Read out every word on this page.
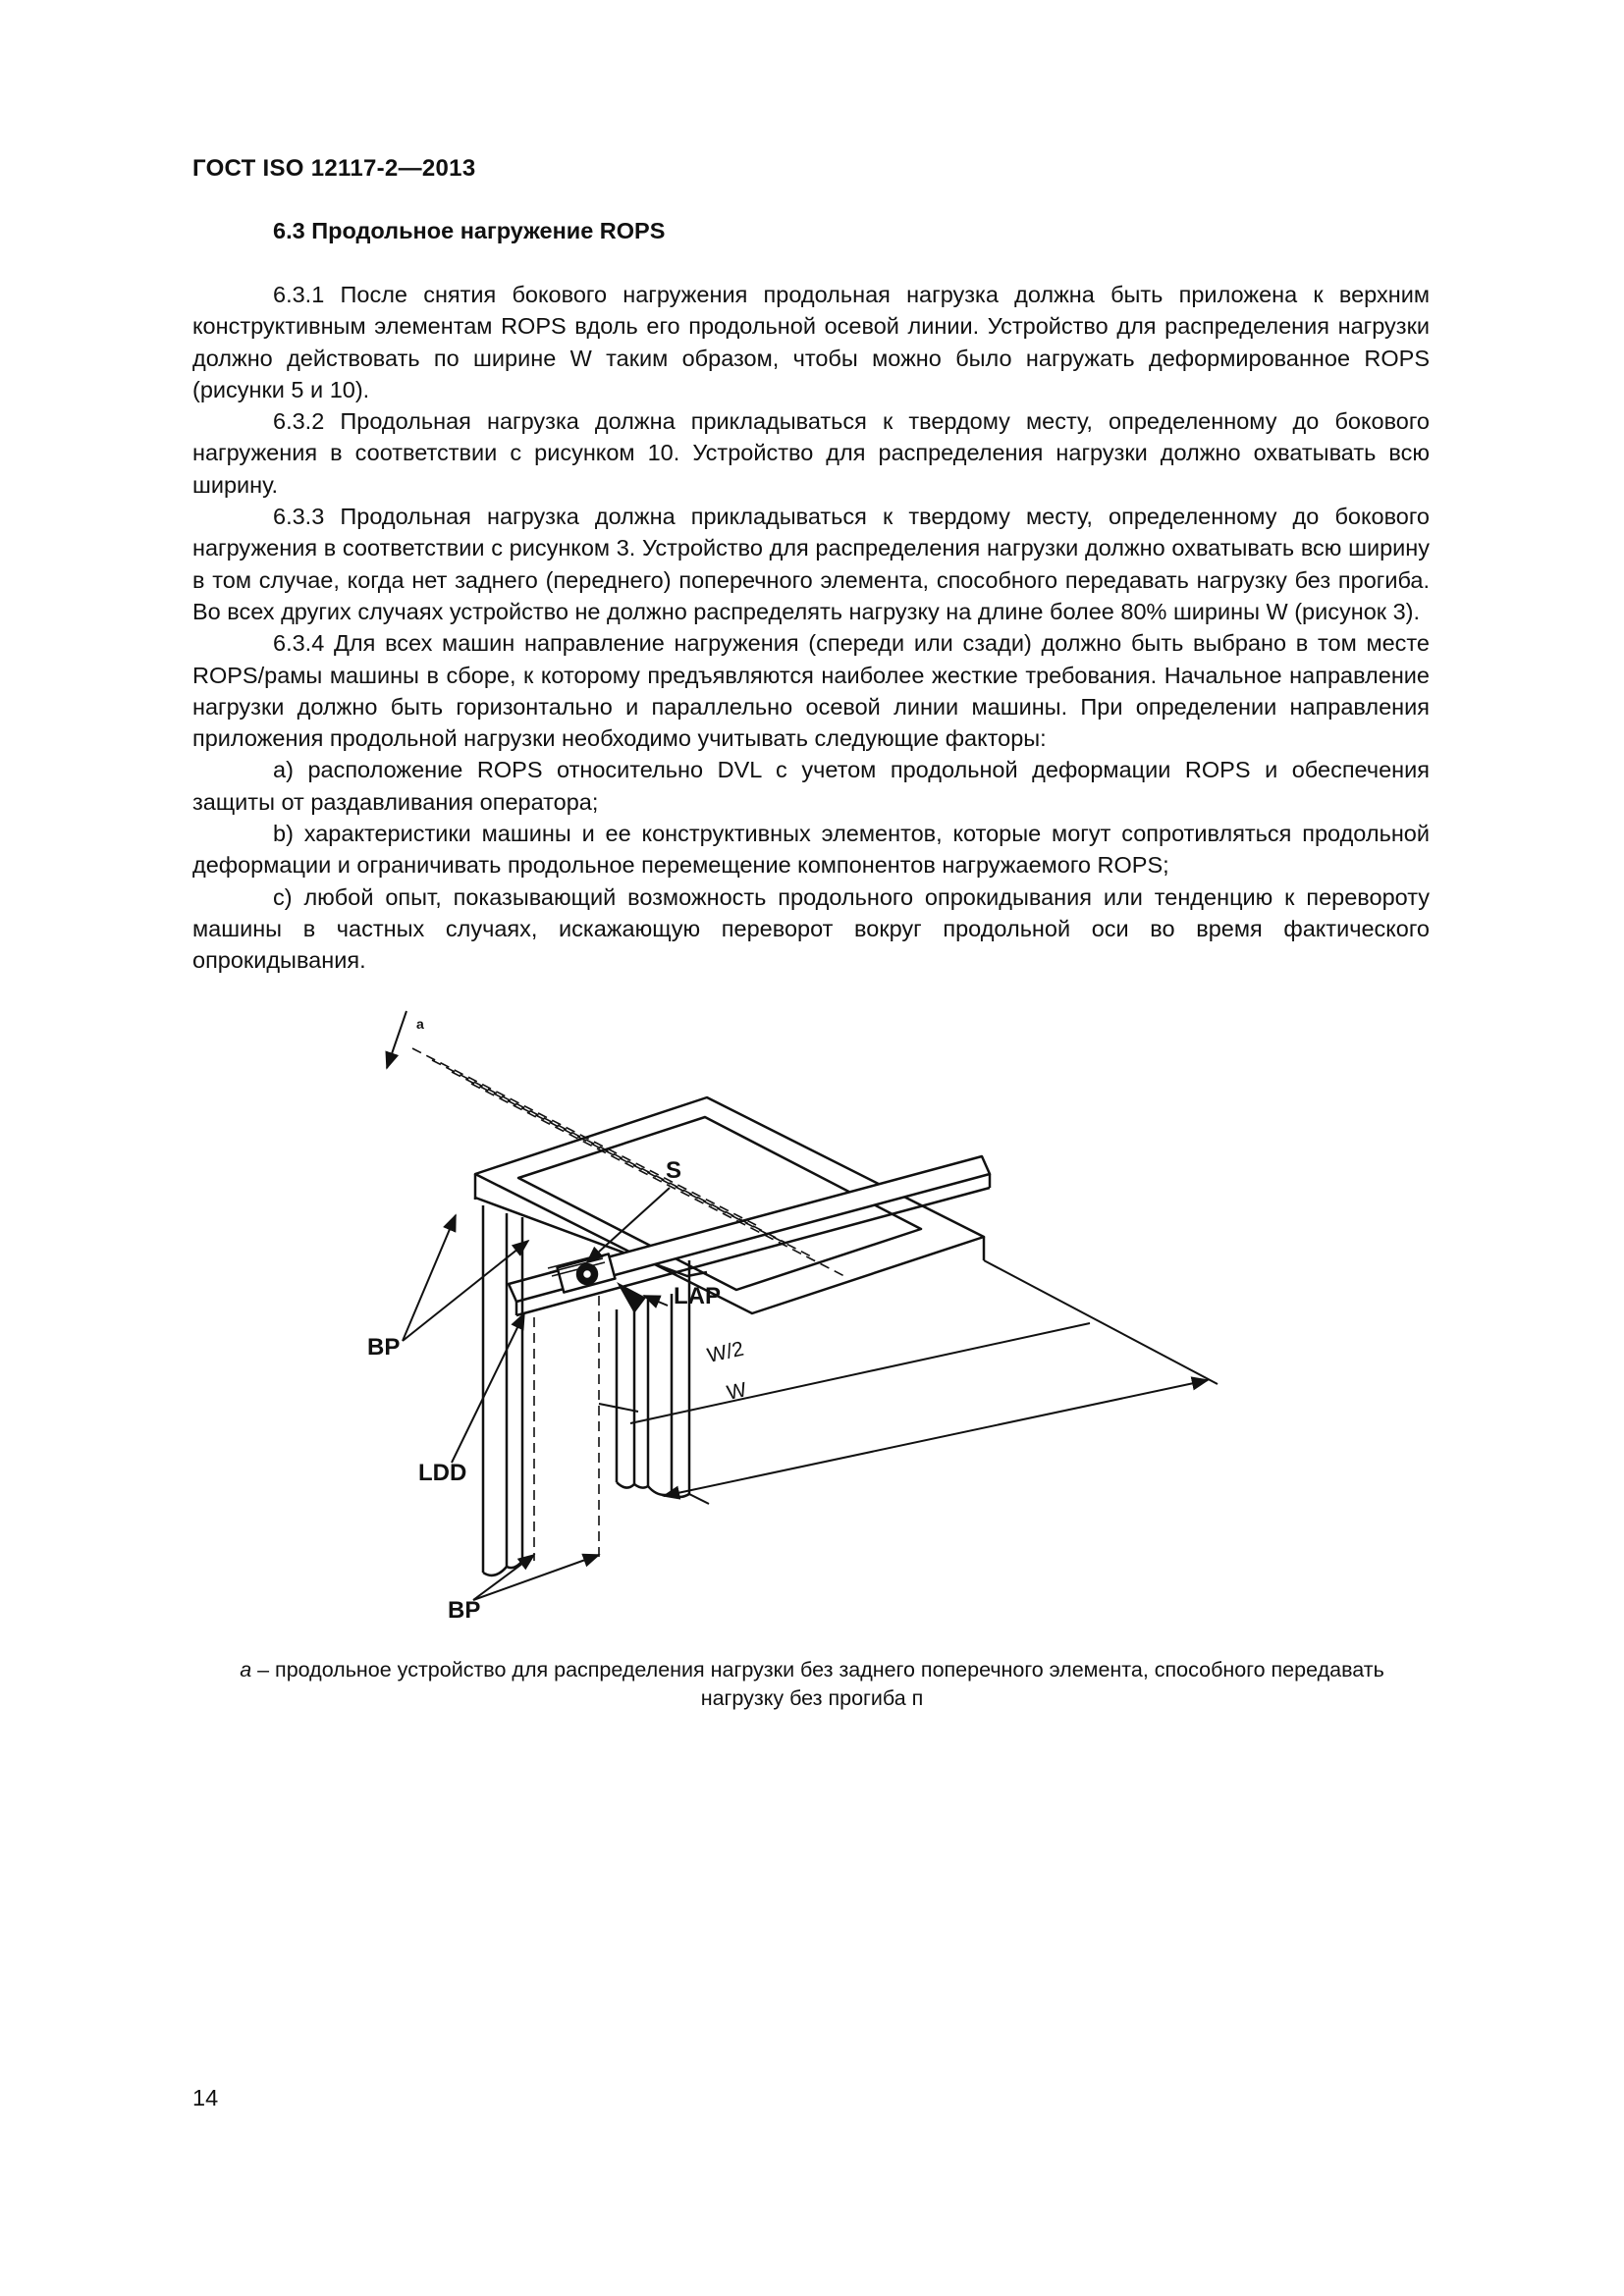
ГОСТ ISO 12117-2—2013
6.3 Продольное нагружение ROPS

6.3.1 После снятия бокового нагружения продольная нагрузка должна быть приложена к верхним конструктивным элементам ROPS вдоль его продольной осевой линии. Устройство для распределения нагрузки должно действовать по ширине W таким образом, чтобы можно было нагружать деформированное ROPS (рисунки 5 и 10).

6.3.2 Продольная нагрузка должна прикладываться к твердому месту, определенному до бокового нагружения в соответствии с рисунком 10. Устройство для распределения нагрузки должно охватывать всю ширину.

6.3.3 Продольная нагрузка должна прикладываться к твердому месту, определенному до бокового нагружения в соответствии с рисунком 3. Устройство для распределения нагрузки должно охватывать всю ширину в том случае, когда нет заднего (переднего) поперечного элемента, способного передавать нагрузку без прогиба. Во всех других случаях устройство не должно распределять нагрузку на длине более 80% ширины W (рисунок 3).

6.3.4 Для всех машин направление нагружения (спереди или сзади) должно быть выбрано в том месте ROPS/рамы машины в сборе, к которому предъявляются наиболее жесткие требования. Начальное направление нагрузки должно быть горизонтально и параллельно осевой линии машины. При определении направления приложения продольной нагрузки необходимо учитывать следующие факторы:

a) расположение ROPS относительно DVL с учетом продольной деформации ROPS и обеспечения защиты от раздавливания оператора;

b) характеристики машины и ее конструктивных элементов, которые могут сопротивляться продольной деформации и ограничивать продольное перемещение компонентов нагружаемого ROPS;

c) любой опыт, показывающий возможность продольного опрокидывания или тенденцию к перевороту машины в частных случаях, искажающую переворот вокруг продольной оси во время фактического опрокидывания.

a
S
LAP
BP
LDD
BP
W/2
W
a – продольное устройство для распределения нагрузки без заднего поперечного элемента, способного передавать нагрузку без прогиба п
14
